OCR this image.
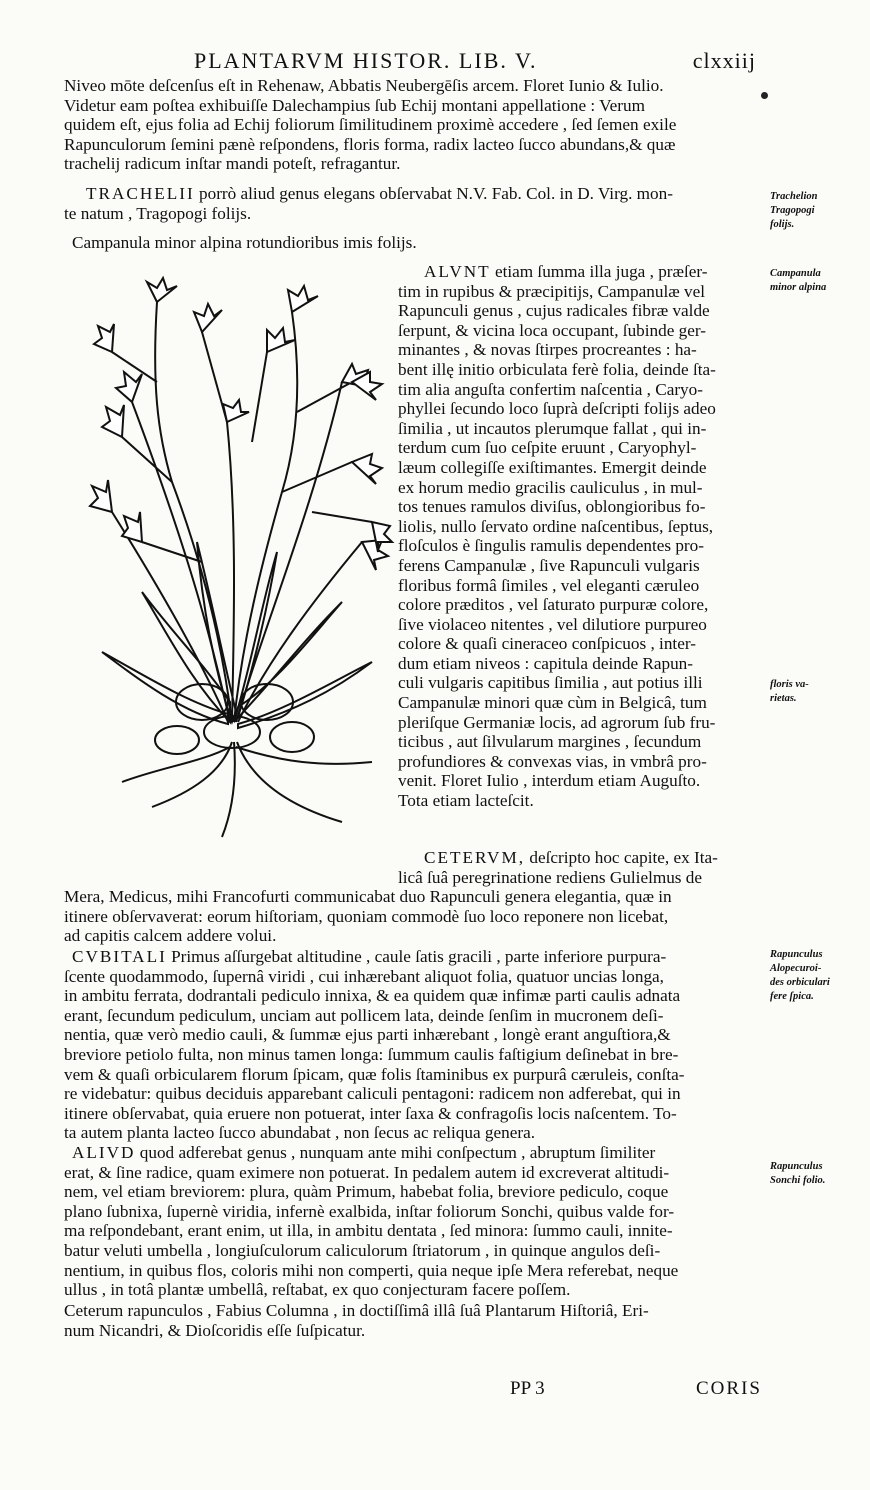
PLANTARVM HISTOR. LIB. V.	clxxiij
Niveo mōte deſcenſus eſt in Rehenaw, Abbatis Neubergēſis arcem. Floret Iunio & Iulio.
Videtur eam poſtea exhibuiſſe Dalechampius ſub Echij montani appellatione : Verum
quidem eſt, ejus folia ad Echij foliorum ſimilitudinem proximè accedere , ſed ſemen exile
Rapunculorum ſemini pænè reſpondens, floris forma, radix lacteo ſucco abundans,& quæ
trachelij radicum inſtar mandi poteſt, refragantur.
TRACHELII porrò aliud genus elegans obſervabat N.V. Fab. Col. in D. Virg. mon-
te natum , Tragopogi folijs.
Campanula minor alpina rotundioribus imis folijs.
ALVNT etiam ſumma illa juga , præſer-
tim in rupibus & præcipitijs, Campanulæ vel
Rapunculi genus , cujus radicales fibræ valde
ſerpunt, & vicina loca occupant, ſubinde ger-
minantes , & novas ſtirpes procreantes : ha-
bent illę initio orbiculata ferè folia, deinde ſta-
tim alia anguſta confertim naſcentia , Caryo-
phyllei ſecundo loco ſuprà deſcripti folijs adeo
ſimilia , ut incautos plerumque fallat , qui in-
terdum cum ſuo ceſpite eruunt , Caryophyl-
læum collegiſſe exiſtimantes. Emergit deinde
ex horum medio gracilis cauliculus , in mul-
tos tenues ramulos diviſus, oblongioribus fo-
liolis, nullo ſervato ordine naſcentibus, ſeptus,
floſculos è ſingulis ramulis dependentes pro-
ferens Campanulæ , ſive Rapunculi vulgaris
floribus formâ ſimiles , vel eleganti cæruleo
colore præditos , vel ſaturato purpuræ colore,
ſive violaceo nitentes , vel dilutiore purpureo
colore & quaſi cineraceo conſpicuos , inter-
dum etiam niveos : capitula deinde Rapun-
culi vulgaris capitibus ſimilia , aut potius illi
Campanulæ minori quæ cùm in Belgicâ, tum
pleriſque Germaniæ locis, ad agrorum ſub fru-
ticibus , aut ſilvularum margines , ſecundum
profundiores & convexas vias, in vmbrâ pro-
venit. Floret Iulio , interdum etiam Auguſto.
Tota etiam lacteſcit.
CETERVM, deſcripto hoc capite, ex Ita-
licâ ſuâ peregrinatione rediens Gulielmus de
Mera, Medicus, mihi Francofurti communicabat duo Rapunculi genera elegantia, quæ in
itinere obſervaverat: eorum hiſtoriam, quoniam commodè ſuo loco reponere non licebat,
ad capitis calcem addere volui.
CVBITALI Primus aſſurgebat altitudine , caule ſatis gracili , parte inferiore purpura-
ſcente quodammodo, ſupernâ viridi , cui inhærebant aliquot folia, quatuor uncias longa,
in ambitu ferrata, dodrantali pediculo innixa, & ea quidem quæ infimæ parti caulis adnata
erant, ſecundum pediculum, unciam aut pollicem lata, deinde ſenſim in mucronem deſi-
nentia, quæ verò medio cauli, & ſummæ ejus parti inhærebant , longè erant anguſtiora,&
breviore petiolo fulta, non minus tamen longa: ſummum caulis faſtigium deſinebat in bre-
vem & quaſi orbicularem florum ſpicam, quæ folis ſtaminibus ex purpurâ cæruleis, conſta-
re videbatur: quibus deciduis apparebant caliculi pentagoni: radicem non adferebat, qui in
itinere obſervabat, quia eruere non potuerat, inter ſaxa & confragoſis locis naſcentem. To-
ta autem planta lacteo ſucco abundabat , non ſecus ac reliqua genera.
ALIVD quod adferebat genus , nunquam ante mihi conſpectum , abruptum ſimiliter
erat, & ſine radice, quam eximere non potuerat. In pedalem autem id excreverat altitudi-
nem, vel etiam breviorem: plura, quàm Primum, habebat folia, breviore pediculo, coque
plano ſubnixa, ſupernè viridia, infernè exalbida, inſtar foliorum Sonchi, quibus valde for-
ma reſpondebant, erant enim, ut illa, in ambitu dentata , ſed minora: ſummo cauli, innite-
batur veluti umbella , longiuſculorum caliculorum ſtriatorum , in quinque angulos deſi-
nentium, in quibus flos, coloris mihi non comperti, quia neque ipſe Mera referebat, neque
ullus , in totâ plantæ umbellâ, reſtabat, ex quo conjecturam facere poſſem.
Ceterum rapunculos , Fabius Columna , in doctiſſimâ illâ ſuâ Plantarum Hiſtoriâ, Eri-
num Nicandri, & Dioſcoridis eſſe ſuſpicatur.
Trachelion
Tragopogi
folijs.
Campanula
minor alpina
floris va-
rietas.
Rapunculus
Alopecuroi-
des orbiculari
fere ſpica.
Rapunculus
Sonchi folio.
PP 3	CORIS
